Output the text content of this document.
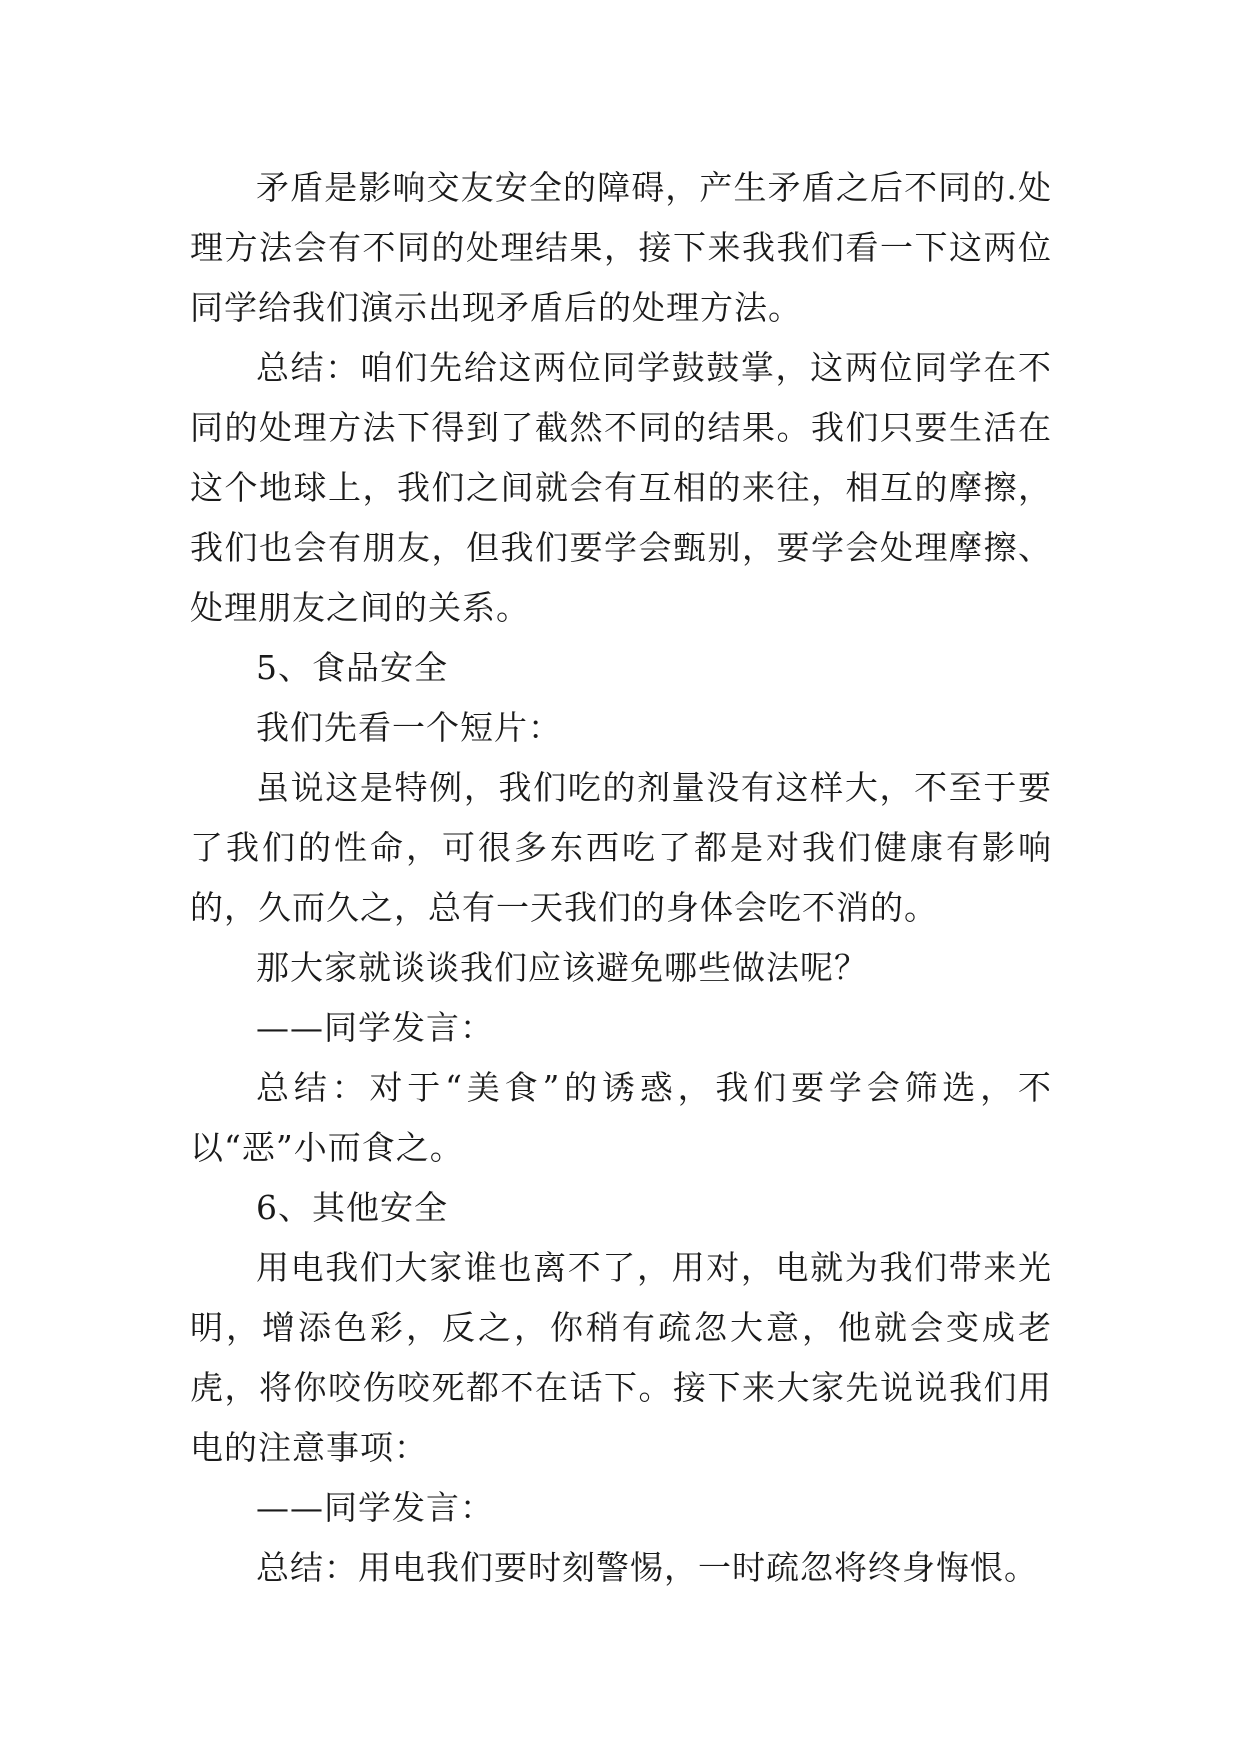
矛盾是影响交友安全的障碍，产生矛盾之后不同的.处理方法会有不同的处理结果，接下来我我们看一下这两位同学给我们演示出现矛盾后的处理方法。

总结：咱们先给这两位同学鼓鼓掌，这两位同学在不同的处理方法下得到了截然不同的结果。我们只要生活在这个地球上，我们之间就会有互相的来往，相互的摩擦，我们也会有朋友，但我们要学会甄别，要学会处理摩擦、处理朋友之间的关系。

5、食品安全

我们先看一个短片：

虽说这是特例，我们吃的剂量没有这样大，不至于要了我们的性命，可很多东西吃了都是对我们健康有影响的，久而久之，总有一天我们的身体会吃不消的。

那大家就谈谈我们应该避免哪些做法呢？

——同学发言：

总结：对于“美食”的诱惑，我们要学会筛选，不以“恶”小而食之。

6、其他安全

用电我们大家谁也离不了，用对，电就为我们带来光明，增添色彩，反之，你稍有疏忽大意，他就会变成老虎，将你咬伤咬死都不在话下。接下来大家先说说我们用电的注意事项：

——同学发言：

总结：用电我们要时刻警惕，一时疏忽将终身悔恨。
